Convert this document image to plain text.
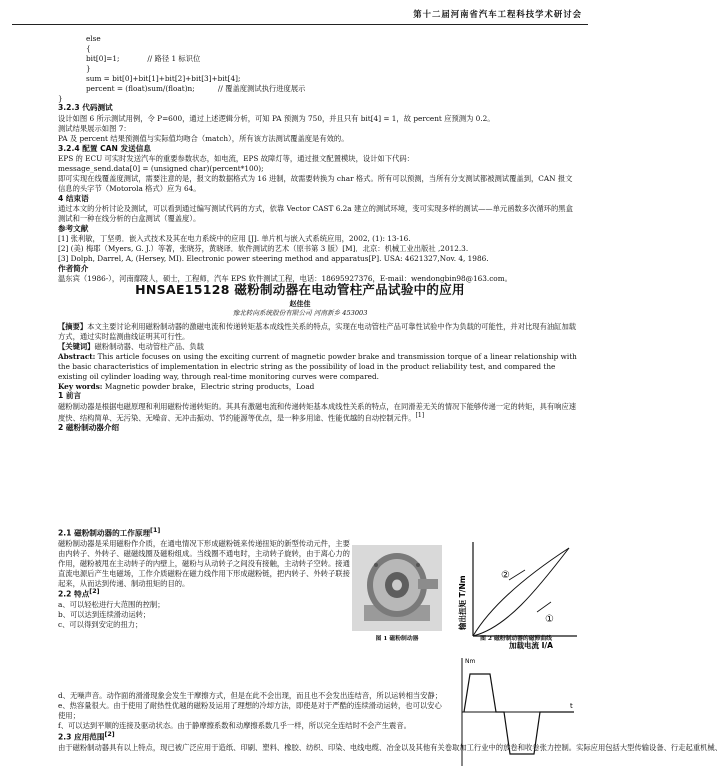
第十二届河南省汽车工程科技学术研讨会
else
{
bit[0]=1;            // 路径 1 标识位
}
sum = bit[0]+bit[1]+bit[2]+bit[3]+bit[4];
percent = (float)sum/(float)n;          // 覆盖度测试执行进度展示
}
3.2.3 代码测试
设计如图 6 所示测试用例，令 P=600，通过上述逻辑分析，可知 PA 预测为 750，并且只有 bit[4] = 1，故 percent 应预测为 0.2。
测试结果展示如图 7：
PA 及 percent 结果预测值与实际值均吻合（match），所有该方法测试覆盖度是有效的。
3.2.4 配置 CAN 发送信息
EPS 的 ECU 可实时发送汽车的重要参数状态，如电流，EPS 故障灯等，通过报文配置模块，设计如下代码：
message_send.data[0] = (unsigned char)(percent*100);
即可实现在线覆盖度测试，需要注意的是，报文的数据格式为 16 进制，故需要转换为 char 格式。所有可以预测，当所有分支测试都被测试覆盖到，CAN 报文信息的头字节（Motorola 格式）应为 64。
4 结束语
通过本文的分析讨论及测试，可以看到通过编写测试代码的方式，依靠 Vector CAST 6.2a 建立的测试环境，变可实现多样的测试——单元函数多次循环的黑盒测试和一种在线分析的白盒测试（覆盖度）。
参考文献
[1] 张利敏，丁坚勇．嵌入式技术及其在电力系统中的应用 [J]. 单片机与嵌入式系统应用，2002, (1): 13-16.
[2] (美) 梅耶（Myers, G. J.）等著，张晓芬，黄晓译．软件测试的艺术（原书第 3 版）[M]．北京：机械工业出版社 ,2012.3.
[3] Dolph, Darrel, A, (Hersey, MI). Electronic power steering method and apparatus[P]. USA: 4621327,Nov. 4, 1986.
作者简介
温东宾（1986-），河南鄢陵人，硕士，工程师，汽车 EPS 软件测试工程，电话：18695927376，E-mail：wendongbin98@163.com。
HNSAE15128 磁粉制动器在电动管柱产品试验中的应用
赵佳佳
豫北转向系统股份有限公司 河南新乡 453003
【摘要】本文主要讨论利用磁粉制动器的激磁电流和传递转矩基本成线性关系的特点，实现在电动管柱产品可靠性试验中作为负载的可能性，并对比现有油缸加载方式，通过实时监测曲线证明其可行性。
【关键词】磁粉制动器、电动管柱产品、负载
Abstract: This article focuses on using the exciting current of magnetic powder brake and transmission torque of a linear relationship with the basic characteristics of implementation in electric string as the possibility of load in the product reliability test, and compared the existing oil cylinder loading way, through real-time monitoring curves were compared.
Key words: Magnetic powder brake，Electric string products，Load
1 前言
磁粉制动器是根据电磁原理和利用磁粉传递转矩的。其具有激磁电流和传递转矩基本成线性关系的特点，在同滑差无关的情况下能够传递一定的转矩，具有响应速度快、结构简单、无污染、无噪音、无冲击振动、节约能源等优点，是一种多用途、性能优越的自动控制元件。[1]
2 磁粉制动器介绍
2.1 磁粉制动器的工作原理[1]
磁粉制动器是采用磁粉作介质，在通电情况下形成磁粉链来传递扭矩的新型传动元件，主要由内转子、外转子、磁磁线圈及磁粉组成。当线圈不通电时，主动转子旋转，由于离心力的作用，磁粉被甩在主动转子的内壁上，磁粉与从动转子之间没有接触，主动转子空转。接通直流电源后产生电磁场，工作介质磁粉在磁力线作用下形成磁粉链，把内转子、外转子联接起来，从而达到传递、制动扭矩的目的。
2.2 特点[2]
a、可以轻松进行大范围的控制；
b、可以达到连续滑动运转；
c、可以得到安定的扭力；
d、无噪声音。动作面的滑滑现象会发生干摩擦方式，但是在此不会出现，而且也不会发出连结音，所以运转相当安静；
e、热容量很大。由于使用了耐热性优越的磁粉及运用了理想的冷却方法，即使是对于严酷的连续滑动运转，也可以安心使用；
f、可以达到平顺的连接及驱动状态。由于静摩擦系数和动摩擦系数几乎一样，所以完全连结时不会产生震音。
2.3 应用范围[2]
由于磁粉制动器具有以上特点，现已被广泛应用于造纸、印刷、塑料、橡胶、纺织、印染、电线电缆、冶金以及其他有关卷取加工行业中的放卷和收卷张力控制。实际应用包括大型传输设备、行走起重机械、
图 1 磁粉制动器
②
①
输出扭矩 T/Nm
加载电流 I/A
图 2 磁粉制动器的磁滞曲线
Nm
t
